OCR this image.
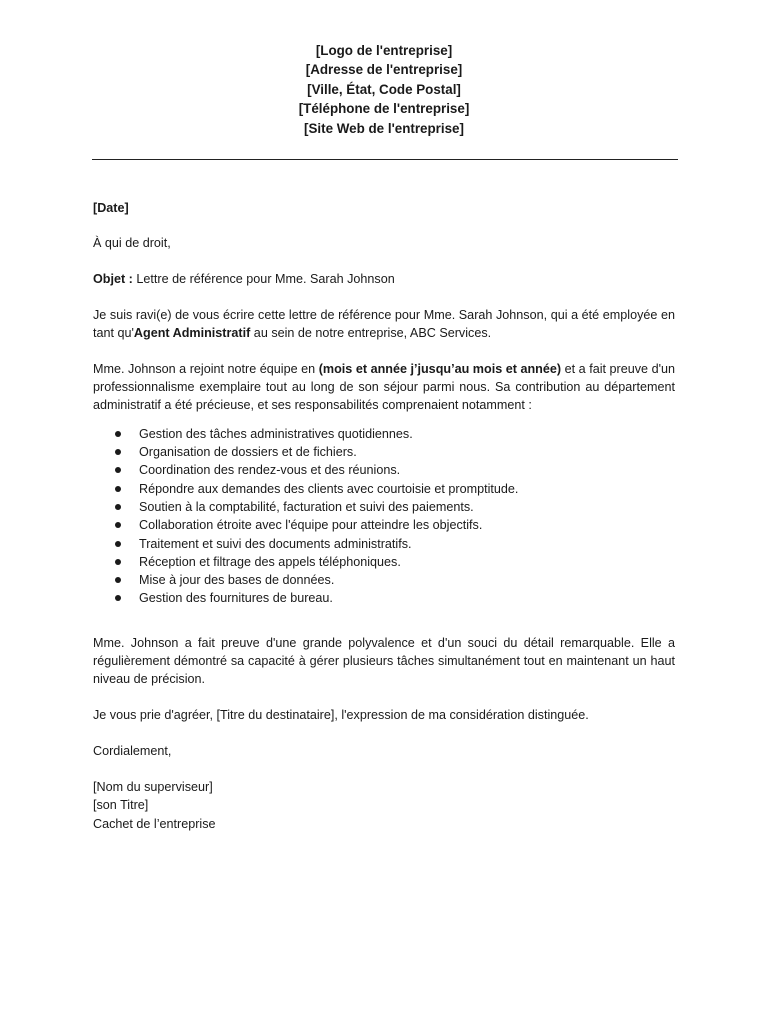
[Logo de l'entreprise]
[Adresse de l'entreprise]
[Ville, État, Code Postal]
[Téléphone de l'entreprise]
[Site Web de l'entreprise]

[Date]

À qui de droit,

Objet : Lettre de référence pour Mme. Sarah Johnson

Je suis ravi(e) de vous écrire cette lettre de référence pour Mme. Sarah Johnson, qui a été employée en tant qu'Agent Administratif au sein de notre entreprise, ABC Services.

Mme. Johnson a rejoint notre équipe en (mois et année j’jusqu’au mois et année) et a fait preuve d'un professionnalisme exemplaire tout au long de son séjour parmi nous. Sa contribution au département administratif a été précieuse, et ses responsabilités comprenaient notamment :

Gestion des tâches administratives quotidiennes.
Organisation de dossiers et de fichiers.
Coordination des rendez-vous et des réunions.
Répondre aux demandes des clients avec courtoisie et promptitude.
Soutien à la comptabilité, facturation et suivi des paiements.
Collaboration étroite avec l'équipe pour atteindre les objectifs.
Traitement et suivi des documents administratifs.
Réception et filtrage des appels téléphoniques.
Mise à jour des bases de données.
Gestion des fournitures de bureau.

Mme. Johnson a fait preuve d'une grande polyvalence et d'un souci du détail remarquable. Elle a régulièrement démontré sa capacité à gérer plusieurs tâches simultanément tout en maintenant un haut niveau de précision.

Je vous prie d'agréer, [Titre du destinataire], l'expression de ma considération distinguée.

Cordialement,

[Nom du superviseur]
[son Titre]
Cachet de l’entreprise
